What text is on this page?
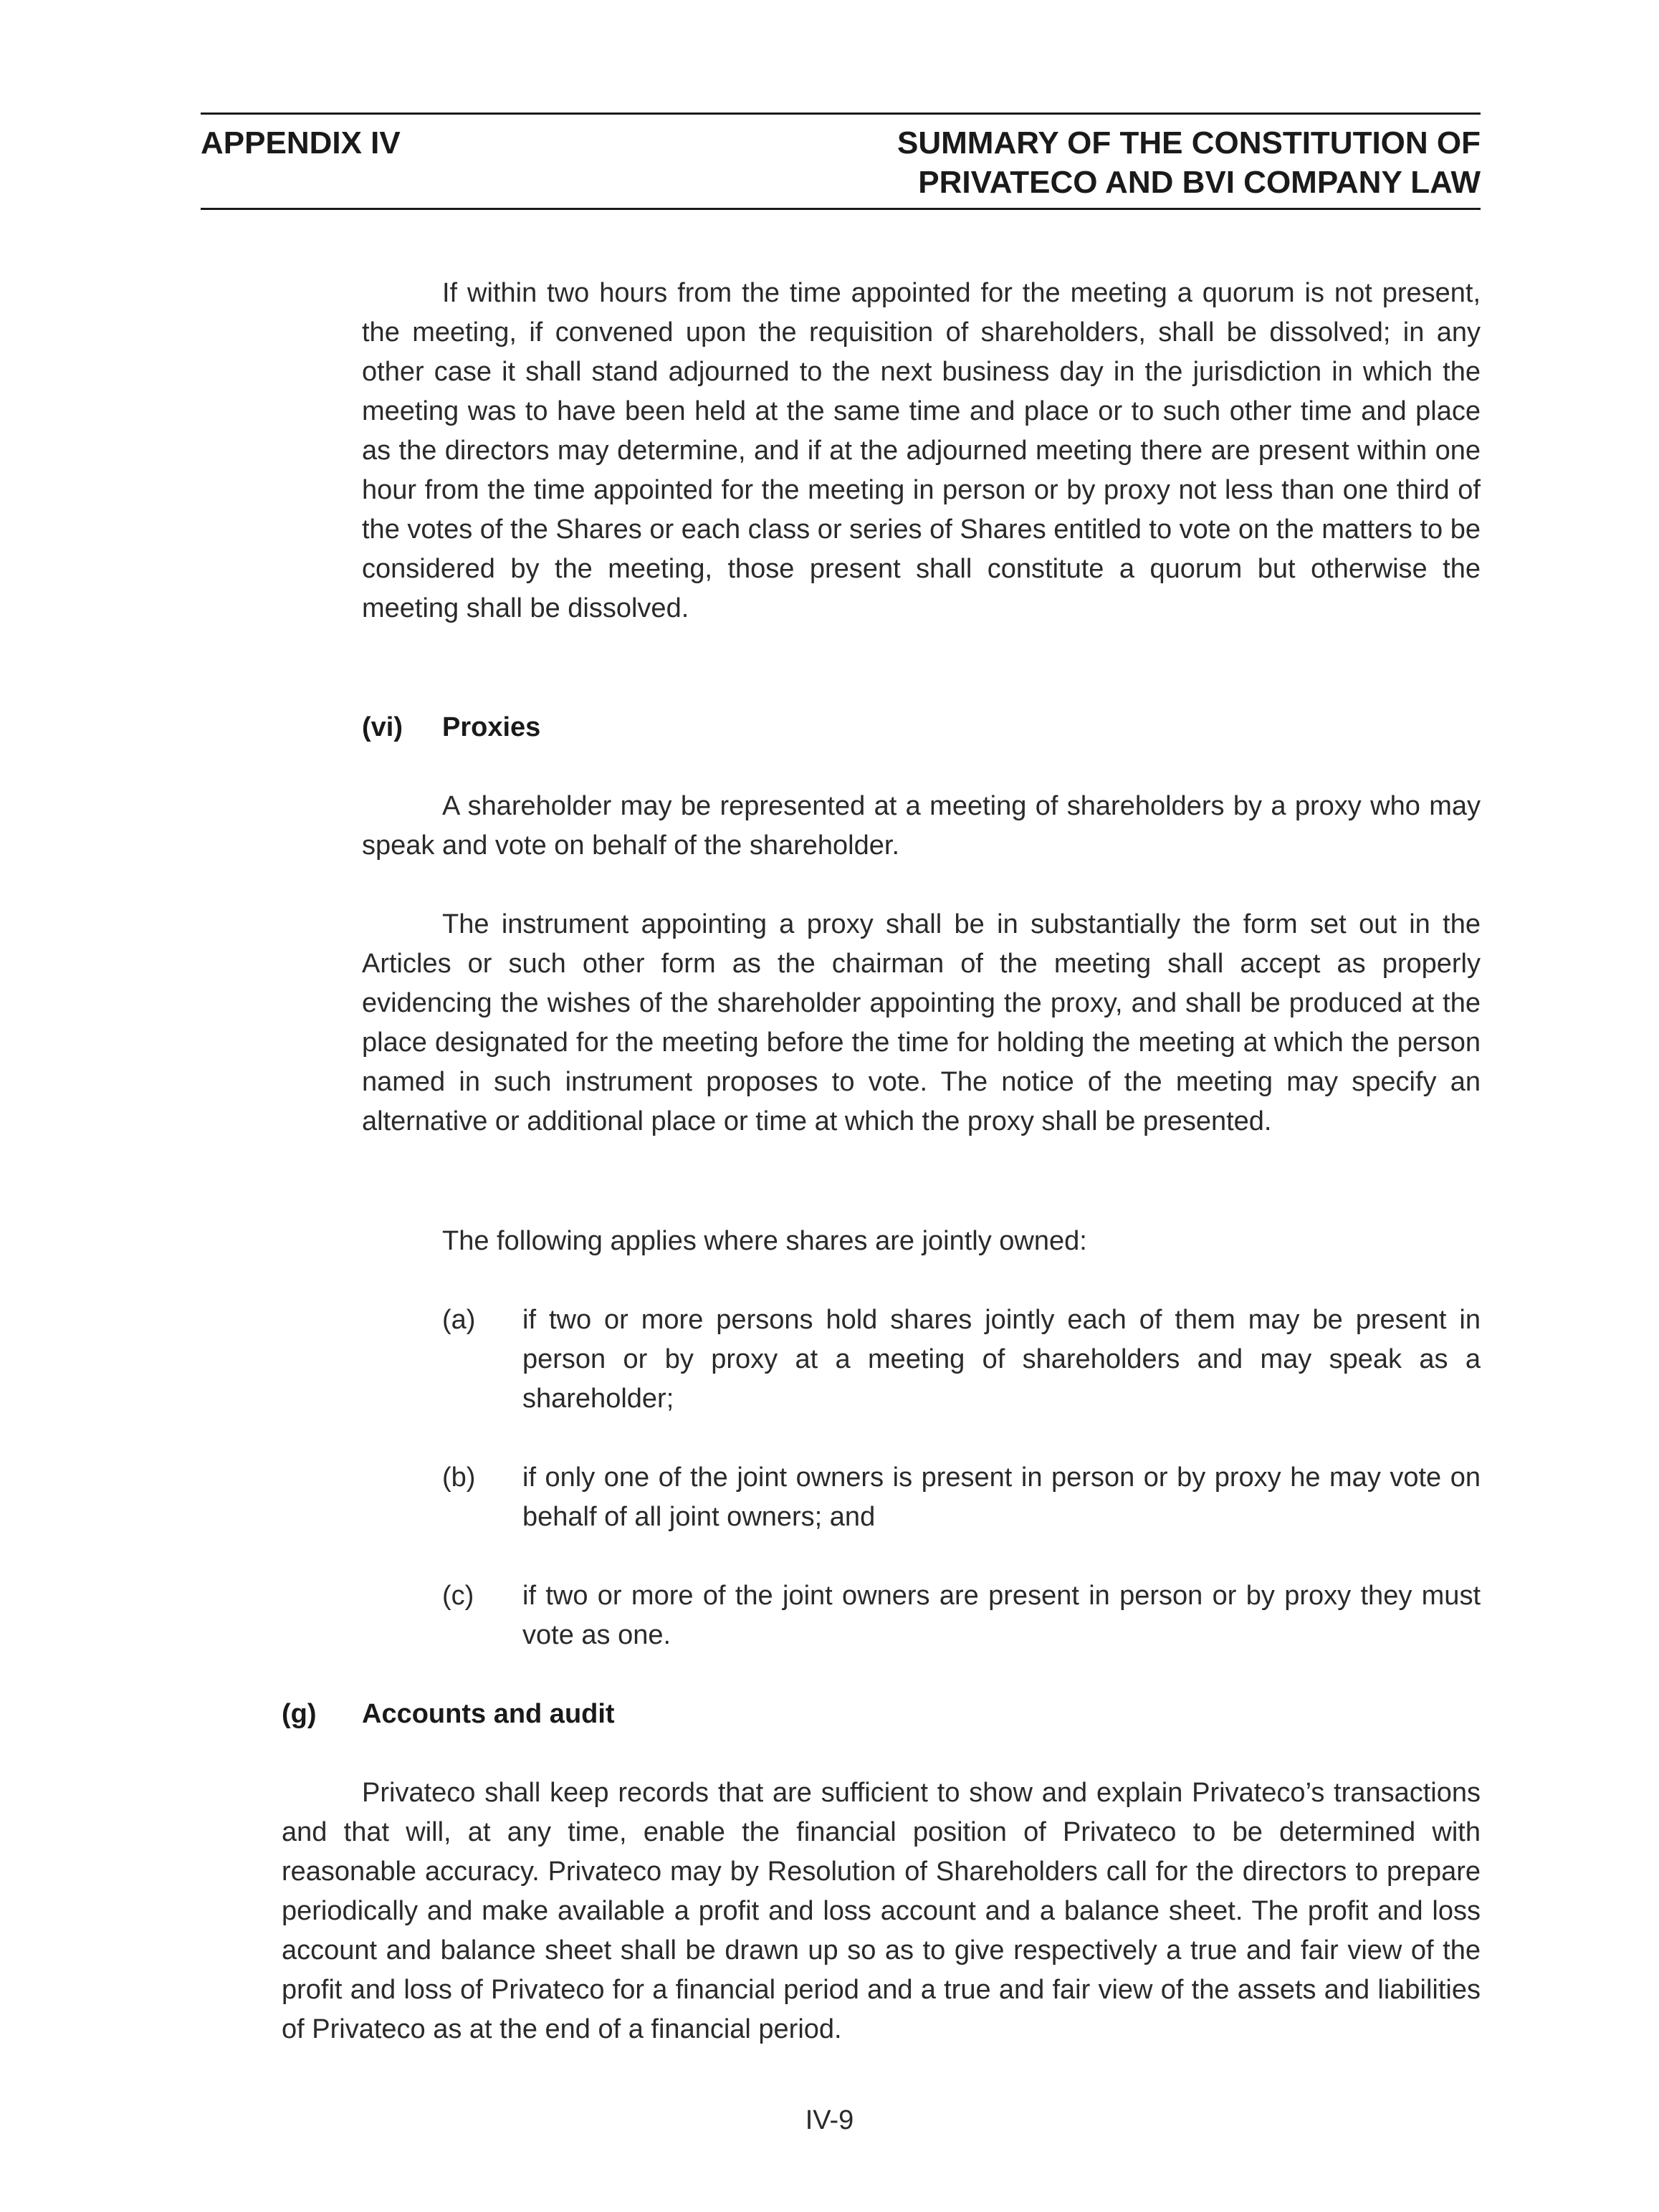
APPENDIX IV	SUMMARY OF THE CONSTITUTION OF
PRIVATECO AND BVI COMPANY LAW

If within two hours from the time appointed for the meeting a quorum is not present, the meeting, if convened upon the requisition of shareholders, shall be dissolved; in any other case it shall stand adjourned to the next business day in the jurisdiction in which the meeting was to have been held at the same time and place or to such other time and place as the directors may determine, and if at the adjourned meeting there are present within one hour from the time appointed for the meeting in person or by proxy not less than one third of the votes of the Shares or each class or series of Shares entitled to vote on the matters to be considered by the meeting, those present shall constitute a quorum but otherwise the meeting shall be dissolved.

(vi) Proxies

A shareholder may be represented at a meeting of shareholders by a proxy who may speak and vote on behalf of the shareholder.

The instrument appointing a proxy shall be in substantially the form set out in the Articles or such other form as the chairman of the meeting shall accept as properly evidencing the wishes of the shareholder appointing the proxy, and shall be produced at the place designated for the meeting before the time for holding the meeting at which the person named in such instrument proposes to vote. The notice of the meeting may specify an alternative or additional place or time at which the proxy shall be presented.

The following applies where shares are jointly owned:

(a) if two or more persons hold shares jointly each of them may be present in person or by proxy at a meeting of shareholders and may speak as a shareholder;

(b) if only one of the joint owners is present in person or by proxy he may vote on behalf of all joint owners; and

(c) if two or more of the joint owners are present in person or by proxy they must vote as one.

(g) Accounts and audit

Privateco shall keep records that are sufficient to show and explain Privateco’s transactions and that will, at any time, enable the financial position of Privateco to be determined with reasonable accuracy. Privateco may by Resolution of Shareholders call for the directors to prepare periodically and make available a profit and loss account and a balance sheet. The profit and loss account and balance sheet shall be drawn up so as to give respectively a true and fair view of the profit and loss of Privateco for a financial period and a true and fair view of the assets and liabilities of Privateco as at the end of a financial period.

IV-9
